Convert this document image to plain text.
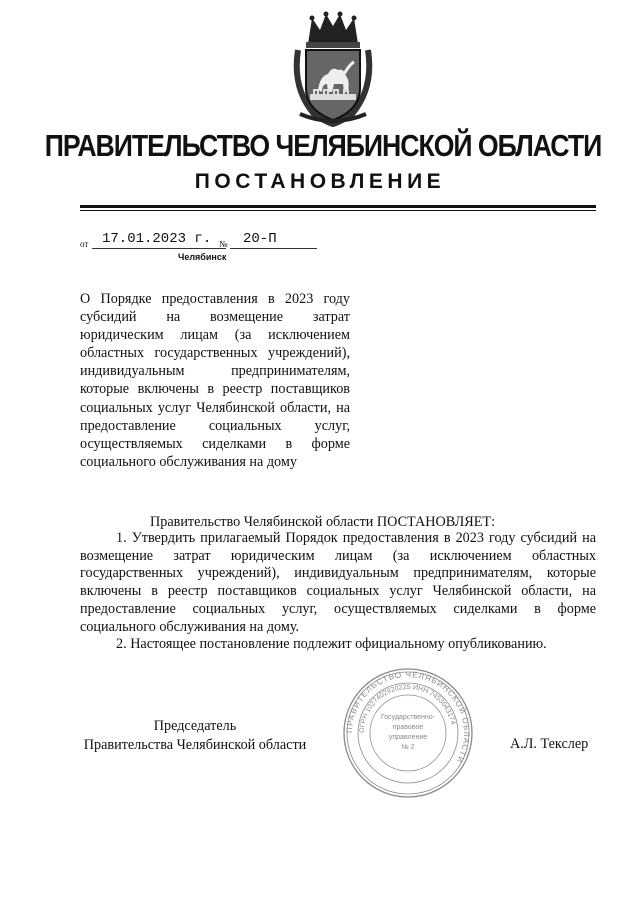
ПРАВИТЕЛЬСТВО ЧЕЛЯБИНСКОЙ ОБЛАСТИ
ПОСТАНОВЛЕНИЕ
от 17.01.2023 г. №	20-П
Челябинск
О Порядке предоставления в 2023 году субсидий на возмещение затрат юридическим лицам (за исключением областных государственных учреждений), индивидуальным предпринимателям, которые включены в реестр поставщиков социальных услуг Челябинской области, на предоставление социальных услуг, осуществляемых сиделками в форме социального обслуживания на дому
Правительство Челябинской области ПОСТАНОВЛЯЕТ:

1. Утвердить прилагаемый Порядок предоставления в 2023 году субсидий на возмещение затрат юридическим лицам (за исключением областных государственных учреждений), индивидуальным предпринимателям, которые включены в реестр поставщиков социальных услуг Челябинской области, на предоставление социальных услуг, осуществляемых сиделками в форме социального обслуживания на дому.

2. Настоящее постановление подлежит официальному опубликованию.

ПРАВИТЕЛЬСТВО ЧЕЛЯБИНСКОЙ ОБЛАСТИ
ОГРН 1027402920225 ИНН 7453043174
Государственно-
правовое
управление
№ 2
Председатель
Правительства Челябинской области	А.Л. Текслер
